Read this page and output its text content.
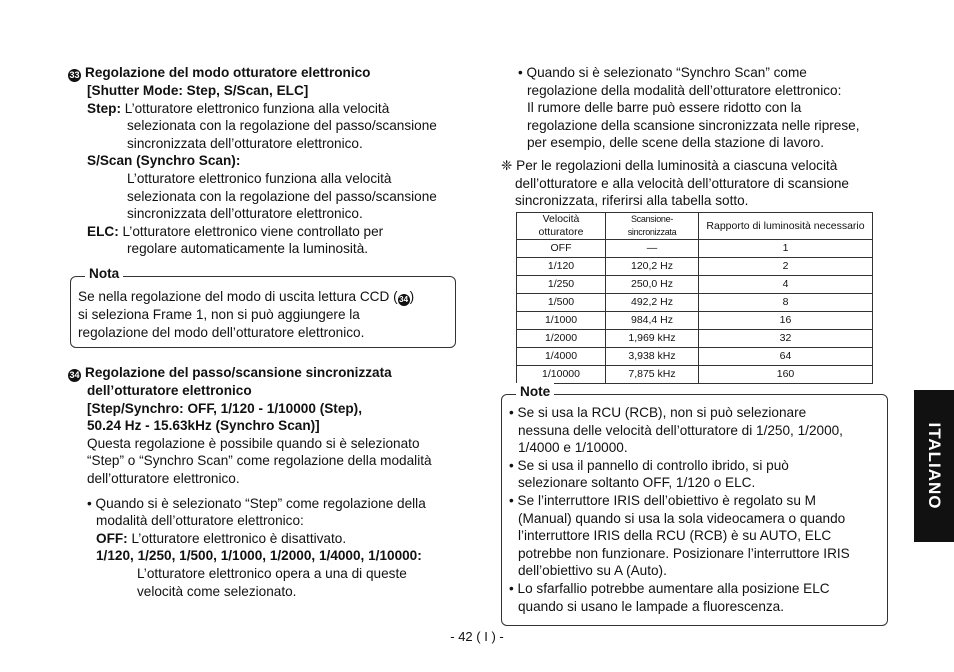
33 Regolazione del modo otturatore elettronico
[Shutter Mode: Step, S/Scan, ELC]
Step: L’otturatore elettronico funziona alla velocità
selezionata con la regolazione del passo/scansione
sincronizzata dell’otturatore elettronico.
S/Scan (Synchro Scan):
L’otturatore elettronico funziona alla velocità
selezionata con la regolazione del passo/scansione
sincronizzata dell’otturatore elettronico.
ELC: L’otturatore elettronico viene controllato per
regolare automaticamente la luminosità.
Nota
Se nella regolazione del modo di uscita lettura CCD ( 34 )
si seleziona Frame 1, non si può aggiungere la
regolazione del modo dell’otturatore elettronico.
34 Regolazione del passo/scansione sincronizzata
dell’otturatore elettronico
[Step/Synchro: OFF, 1/120 - 1/10000 (Step),
50.24 Hz - 15.63kHz (Synchro Scan)]
Questa regolazione è possibile quando si è selezionato
“Step” o “Synchro Scan” come regolazione della modalità
dell’otturatore elettronico.
• Quando si è selezionato “Step” come regolazione della
modalità dell’otturatore elettronico:
OFF: L’otturatore elettronico è disattivato.
1/120, 1/250, 1/500, 1/1000, 1/2000, 1/4000, 1/10000:
L’otturatore elettronico opera a una di queste
velocità come selezionato.
• Quando si è selezionato “Synchro Scan” come
regolazione della modalità dell’otturatore elettronico:
Il rumore delle barre può essere ridotto con la
regolazione della scansione sincronizzata nelle riprese,
per esempio, delle scene della stazione di lavoro.
❈ Per le regolazioni della luminosità a ciascuna velocità
dell’otturatore e alla velocità dell’otturatore di scansione
sincronizzata, riferirsi alla tabella sotto.
Velocità otturatore	Scansione-sincronizzata	Rapporto di luminosità necessario
OFF	—	1
1/120	120,2 Hz	2
1/250	250,0 Hz	4
1/500	492,2 Hz	8
1/1000	984,4 Hz	16
1/2000	1,969 kHz	32
1/4000	3,938 kHz	64
1/10000	7,875 kHz	160
Note
• Se si usa la RCU (RCB), non si può selezionare
nessuna delle velocità dell’otturatore di 1/250, 1/2000,
1/4000 e 1/10000.
• Se si usa il pannello di controllo ibrido, si può
selezionare soltanto OFF, 1/120 o ELC.
• Se l’interruttore IRIS dell’obiettivo è regolato su M
(Manual) quando si usa la sola videocamera o quando
l’interruttore IRIS della RCU (RCB) è su AUTO, ELC
potrebbe non funzionare. Posizionare l’interruttore IRIS
dell’obiettivo su A (Auto).
• Lo sfarfallio potrebbe aumentare alla posizione ELC
quando si usano le lampade a fluorescenza.
ITALIANO
- 42 ( I ) -
